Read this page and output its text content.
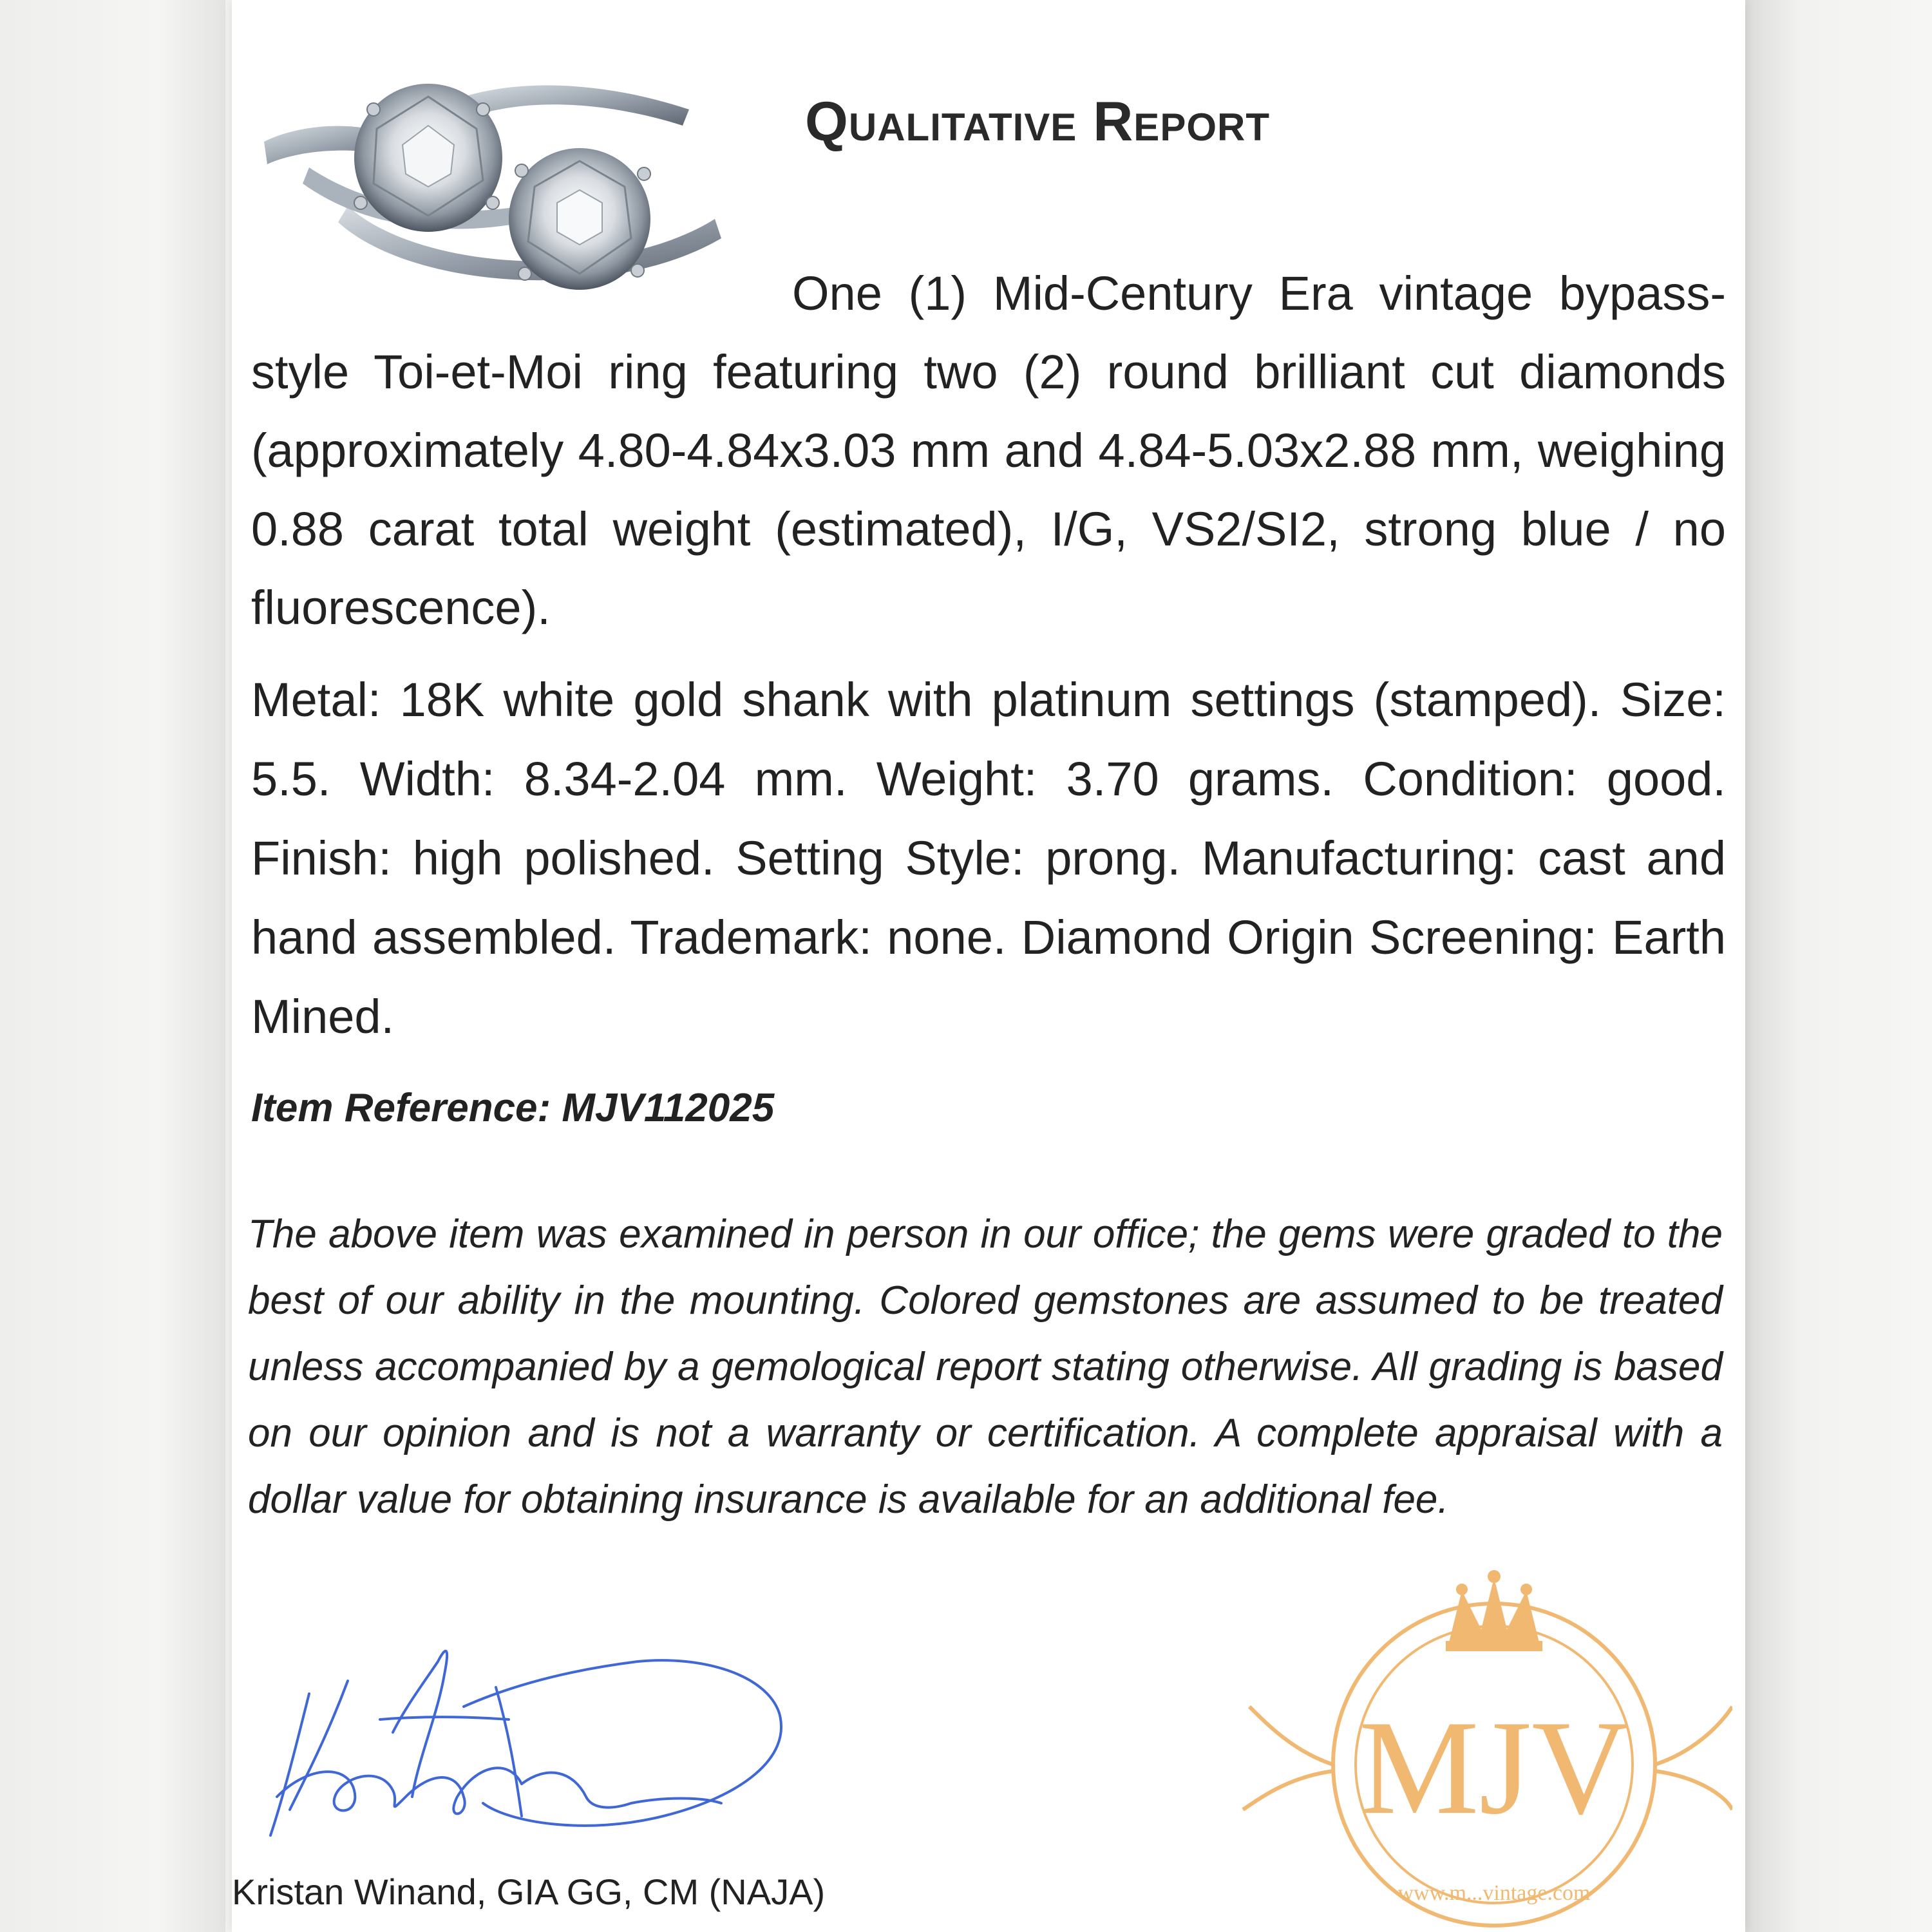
Qualitative Report

One (1) Mid-Century Era vintage bypass-style Toi-et-Moi ring featuring two (2) round brilliant cut diamonds (approximately 4.80-4.84x3.03 mm and 4.84-5.03x2.88 mm, weighing 0.88 carat total weight (estimated), I/G, VS2/SI2, strong blue / no fluorescence).

Metal: 18K white gold shank with platinum settings (stamped). Size: 5.5. Width: 8.34-2.04 mm. Weight: 3.70 grams. Condition: good. Finish: high polished. Setting Style: prong. Manufacturing: cast and hand assembled. Trademark: none. Diamond Origin Screening: Earth Mined.

Item Reference: MJV112025

The above item was examined in person in our office; the gems were graded to the best of our ability in the mounting. Colored gemstones are assumed to be treated unless accompanied by a gemological report stating otherwise. All grading is based on our opinion and is not a warranty or certification. A complete appraisal with a dollar value for obtaining insurance is available for an additional fee.

Kristan Winand, GIA GG, CM (NAJA)
MJV
www.m...vintage.com
